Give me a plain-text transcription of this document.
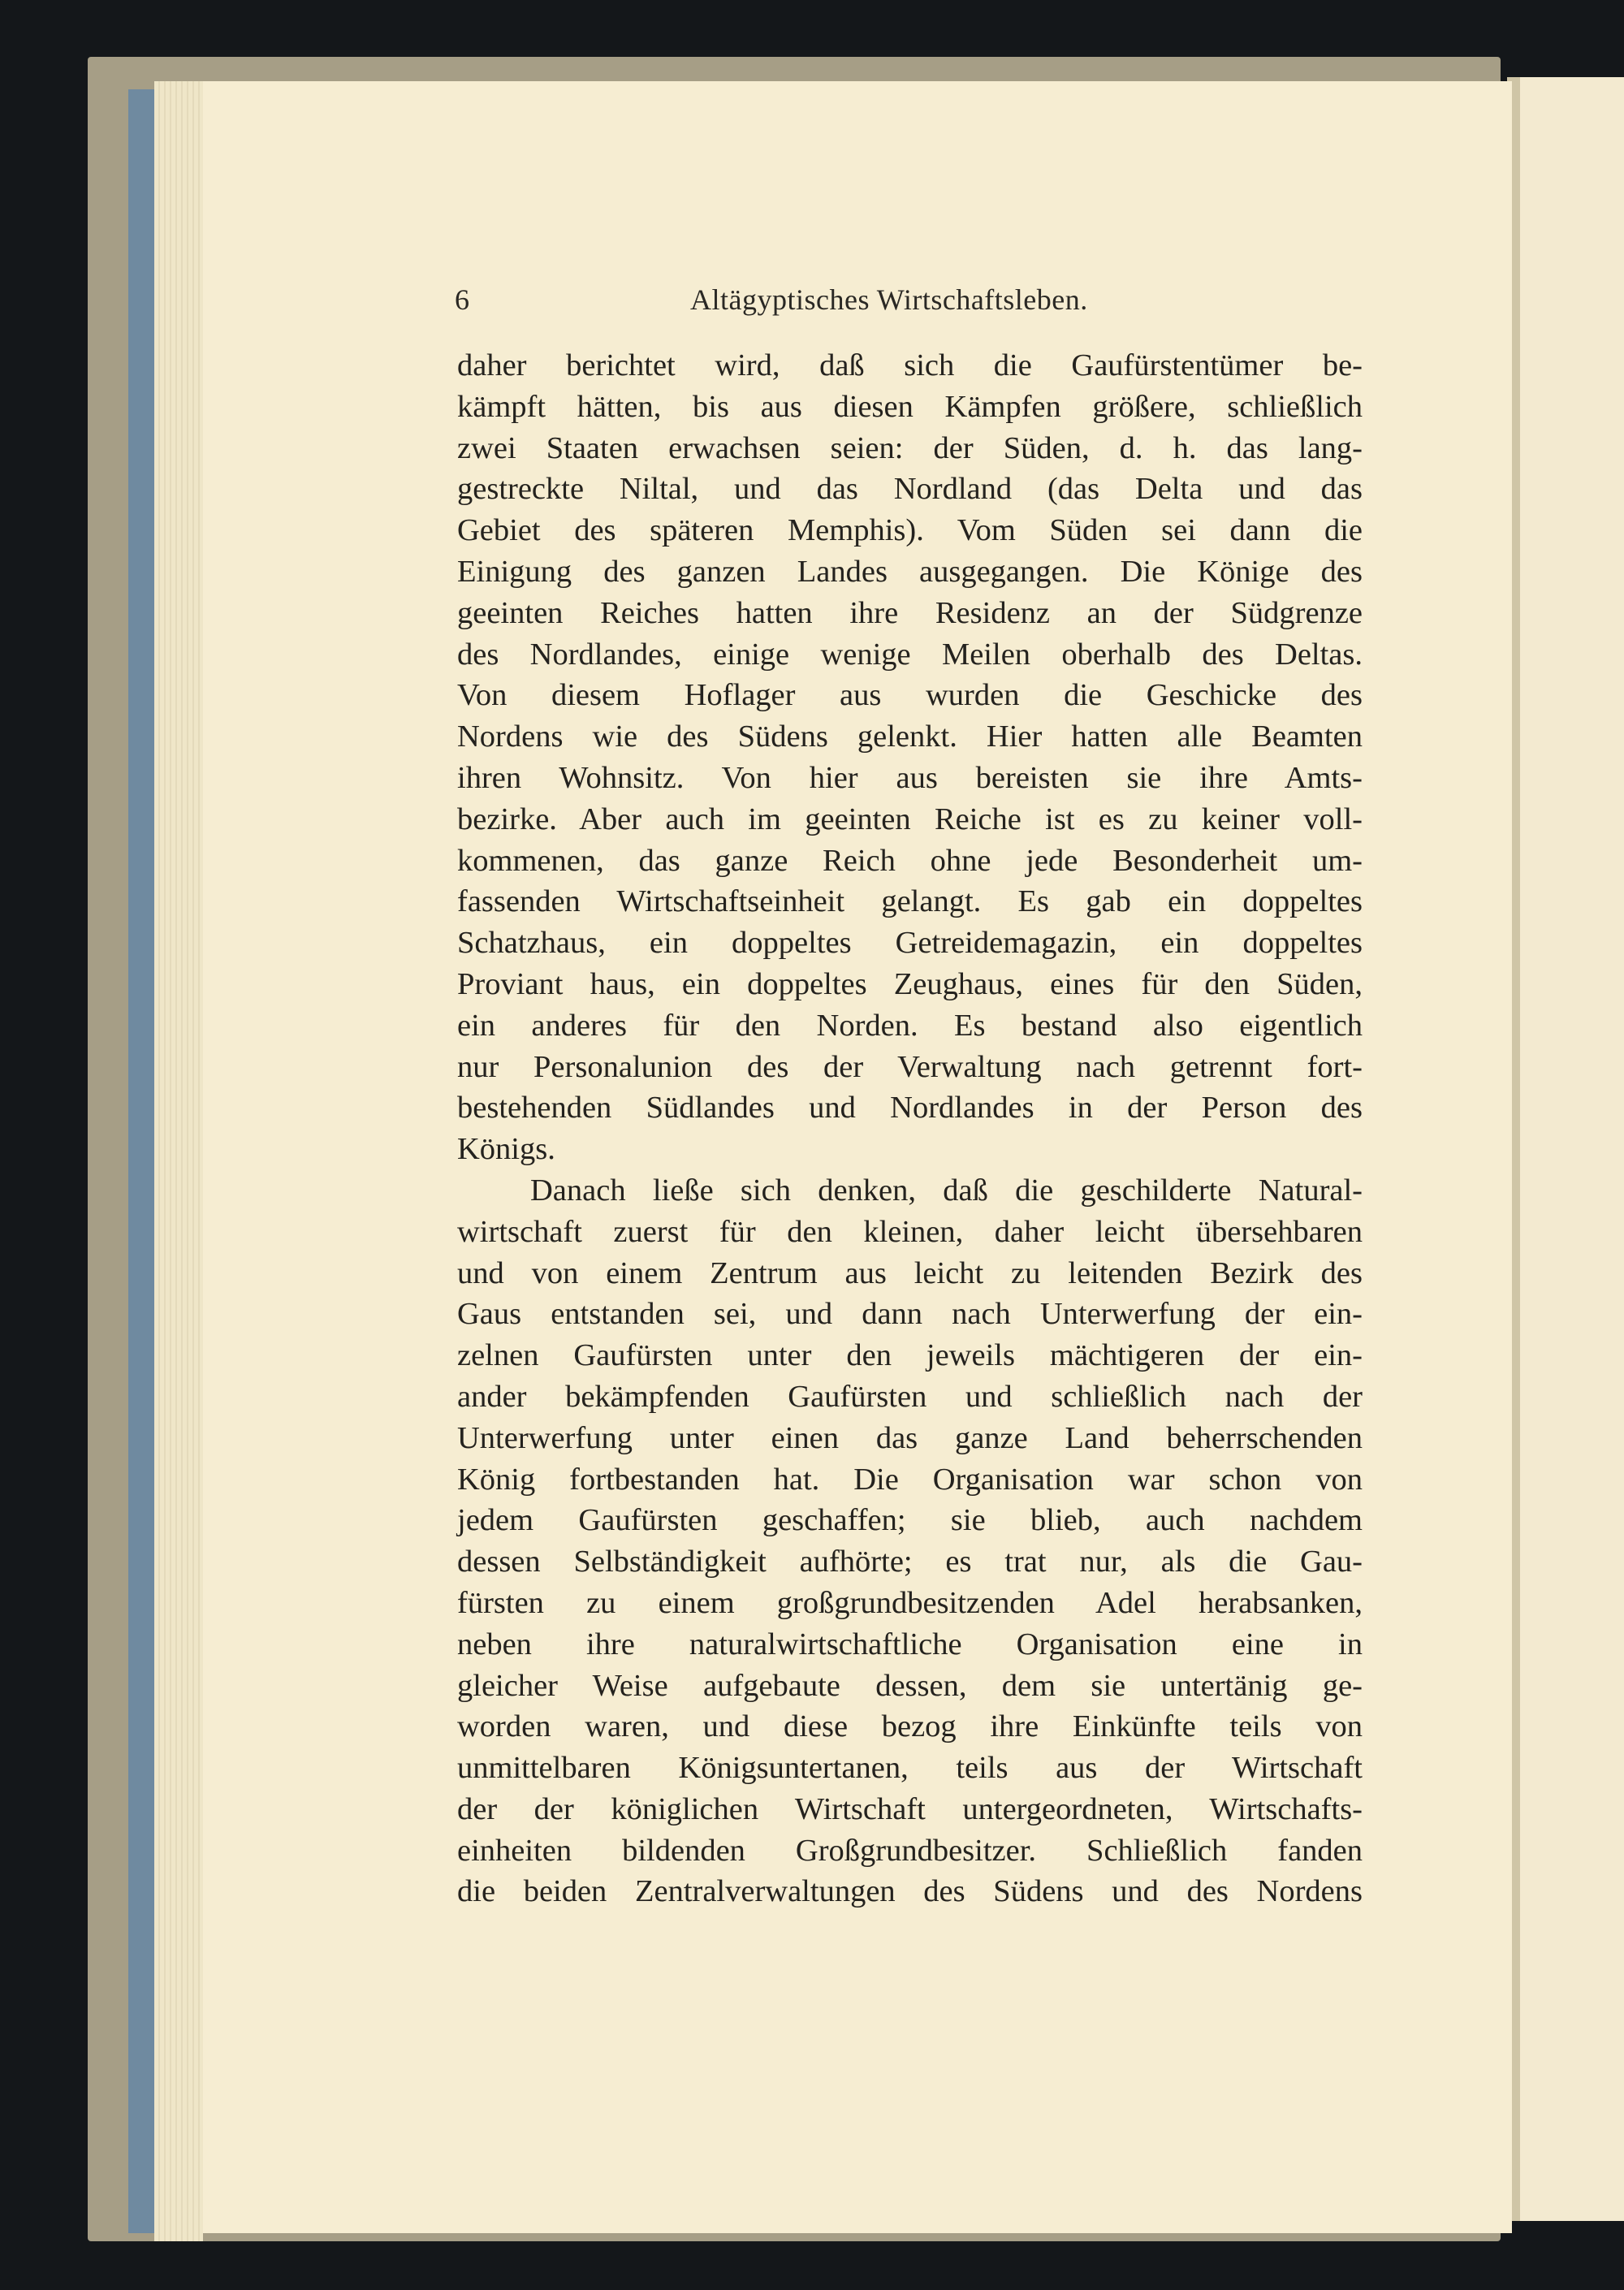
6	Altägyptisches Wirtschaftsleben.
daher berichtet wird, daß sich die Gaufürstentümer be-
kämpft hätten, bis aus diesen Kämpfen größere, schließlich
zwei Staaten erwachsen seien: der Süden, d. h. das lang-
gestreckte Niltal, und das Nordland (das Delta und das
Gebiet des späteren Memphis). Vom Süden sei dann die
Einigung des ganzen Landes ausgegangen. Die Könige des
geeinten Reiches hatten ihre Residenz an der Südgrenze
des Nordlandes, einige wenige Meilen oberhalb des Deltas.
Von diesem Hoflager aus wurden die Geschicke des
Nordens wie des Südens gelenkt. Hier hatten alle Beamten
ihren Wohnsitz. Von hier aus bereisten sie ihre Amts-
bezirke. Aber auch im geeinten Reiche ist es zu keiner voll-
kommenen, das ganze Reich ohne jede Besonderheit um-
fassenden Wirtschaftseinheit gelangt. Es gab ein doppeltes
Schatzhaus, ein doppeltes Getreidemagazin, ein doppeltes
Proviant haus, ein doppeltes Zeughaus, eines für den Süden,
ein anderes für den Norden. Es bestand also eigentlich
nur Personalunion des der Verwaltung nach getrennt fort-
bestehenden Südlandes und Nordlandes in der Person des
Königs.
Danach ließe sich denken, daß die geschilderte Natural-
wirtschaft zuerst für den kleinen, daher leicht übersehbaren
und von einem Zentrum aus leicht zu leitenden Bezirk des
Gaus entstanden sei, und dann nach Unterwerfung der ein-
zelnen Gaufürsten unter den jeweils mächtigeren der ein-
ander bekämpfenden Gaufürsten und schließlich nach der
Unterwerfung unter einen das ganze Land beherrschenden
König fortbestanden hat. Die Organisation war schon von
jedem Gaufürsten geschaffen; sie blieb, auch nachdem
dessen Selbständigkeit aufhörte; es trat nur, als die Gau-
fürsten zu einem großgrundbesitzenden Adel herabsanken,
neben ihre naturalwirtschaftliche Organisation eine in
gleicher Weise aufgebaute dessen, dem sie untertänig ge-
worden waren, und diese bezog ihre Einkünfte teils von
unmittelbaren Königsuntertanen, teils aus der Wirtschaft
der der königlichen Wirtschaft untergeordneten, Wirtschafts-
einheiten bildenden Großgrundbesitzer. Schließlich fanden
die beiden Zentralverwaltungen des Südens und des Nordens
